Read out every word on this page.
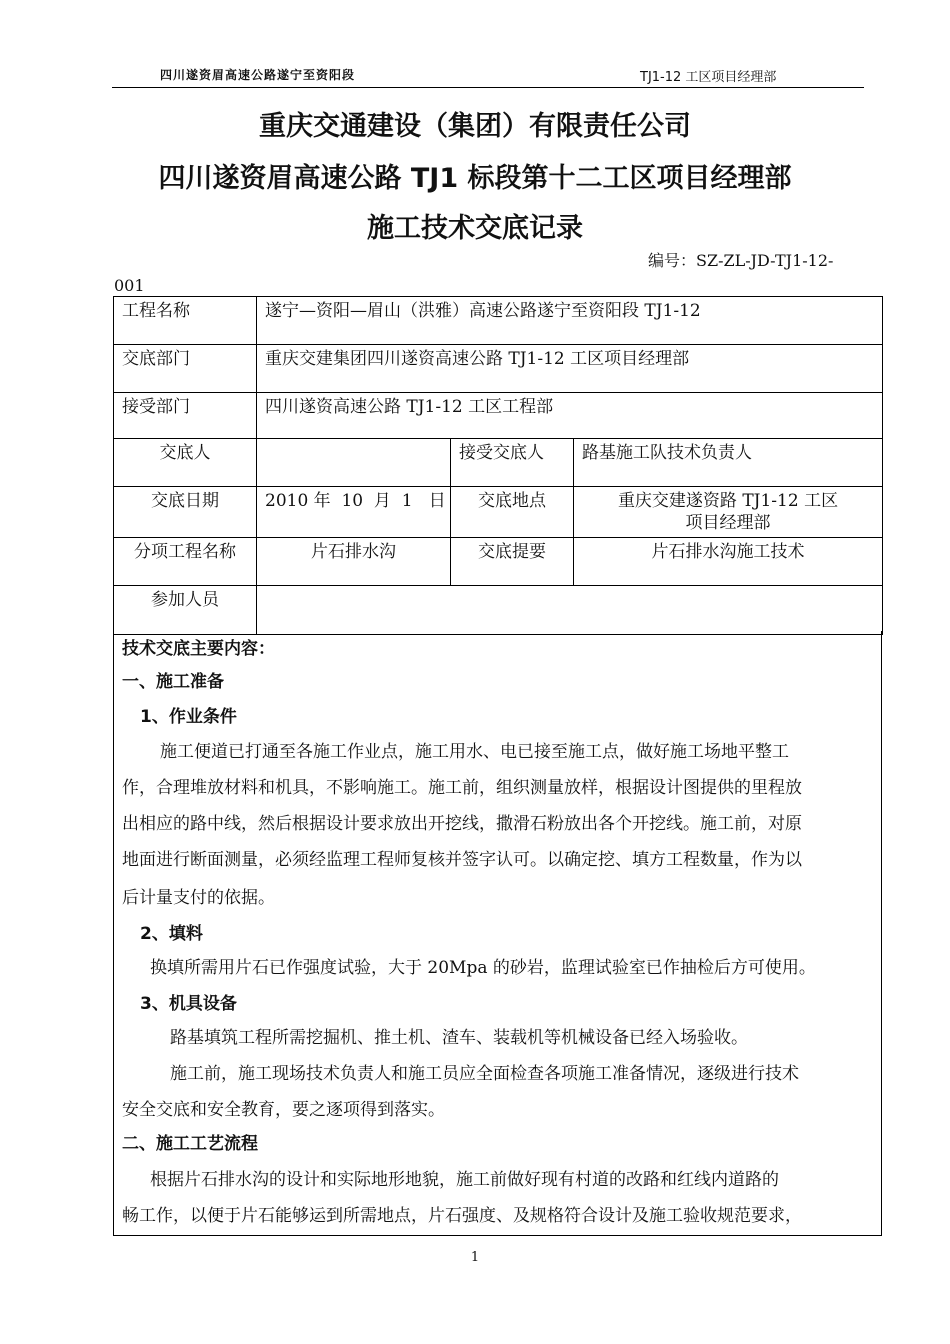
四川遂资眉高速公路遂宁至资阳段	TJ1-12 工区项目经理部
重庆交通建设（集团）有限责任公司
四川遂资眉高速公路 TJ1 标段第十二工区项目经理部
施工技术交底记录
编号：SZ-ZL-JD-TJ1-12-
001
工程名称	遂宁—资阳—眉山（洪雅）高速公路遂宁至资阳段 TJ1-12		
交底部门	重庆交建集团四川遂资高速公路 TJ1-12 工区项目经理部		
接受部门	四川遂资高速公路 TJ1-12 工区工程部		
交底人		接受交底人	路基施工队技术负责人
交底日期	2010 年  10  月  1   日	交底地点	重庆交建遂资路 TJ1-12 工区
项目经理部

分项工程名称	片石排水沟	交底提要	片石排水沟施工技术
参加人员			
技术交底主要内容：
一、施工准备
1、作业条件
施工便道已打通至各施工作业点，施工用水、电已接至施工点，做好施工场地平整工
作，合理堆放材料和机具，不影响施工。施工前，组织测量放样，根据设计图提供的里程放
出相应的路中线，然后根据设计要求放出开挖线，撒滑石粉放出各个开挖线。施工前，对原
地面进行断面测量，必须经监理工程师复核并签字认可。以确定挖、填方工程数量，作为以
后计量支付的依据。
2、填料
换填所需用片石已作强度试验，大于 20Mpa 的砂岩，监理试验室已作抽检后方可使用。
3、机具设备
路基填筑工程所需挖掘机、推土机、渣车、装载机等机械设备已经入场验收。
施工前，施工现场技术负责人和施工员应全面检查各项施工准备情况，逐级进行技术
安全交底和安全教育，要之逐项得到落实。
二、施工工艺流程
根据片石排水沟的设计和实际地形地貌，施工前做好现有村道的改路和红线内道路的
畅工作，以便于片石能够运到所需地点，片石强度、及规格符合设计及施工验收规范要求，
1
